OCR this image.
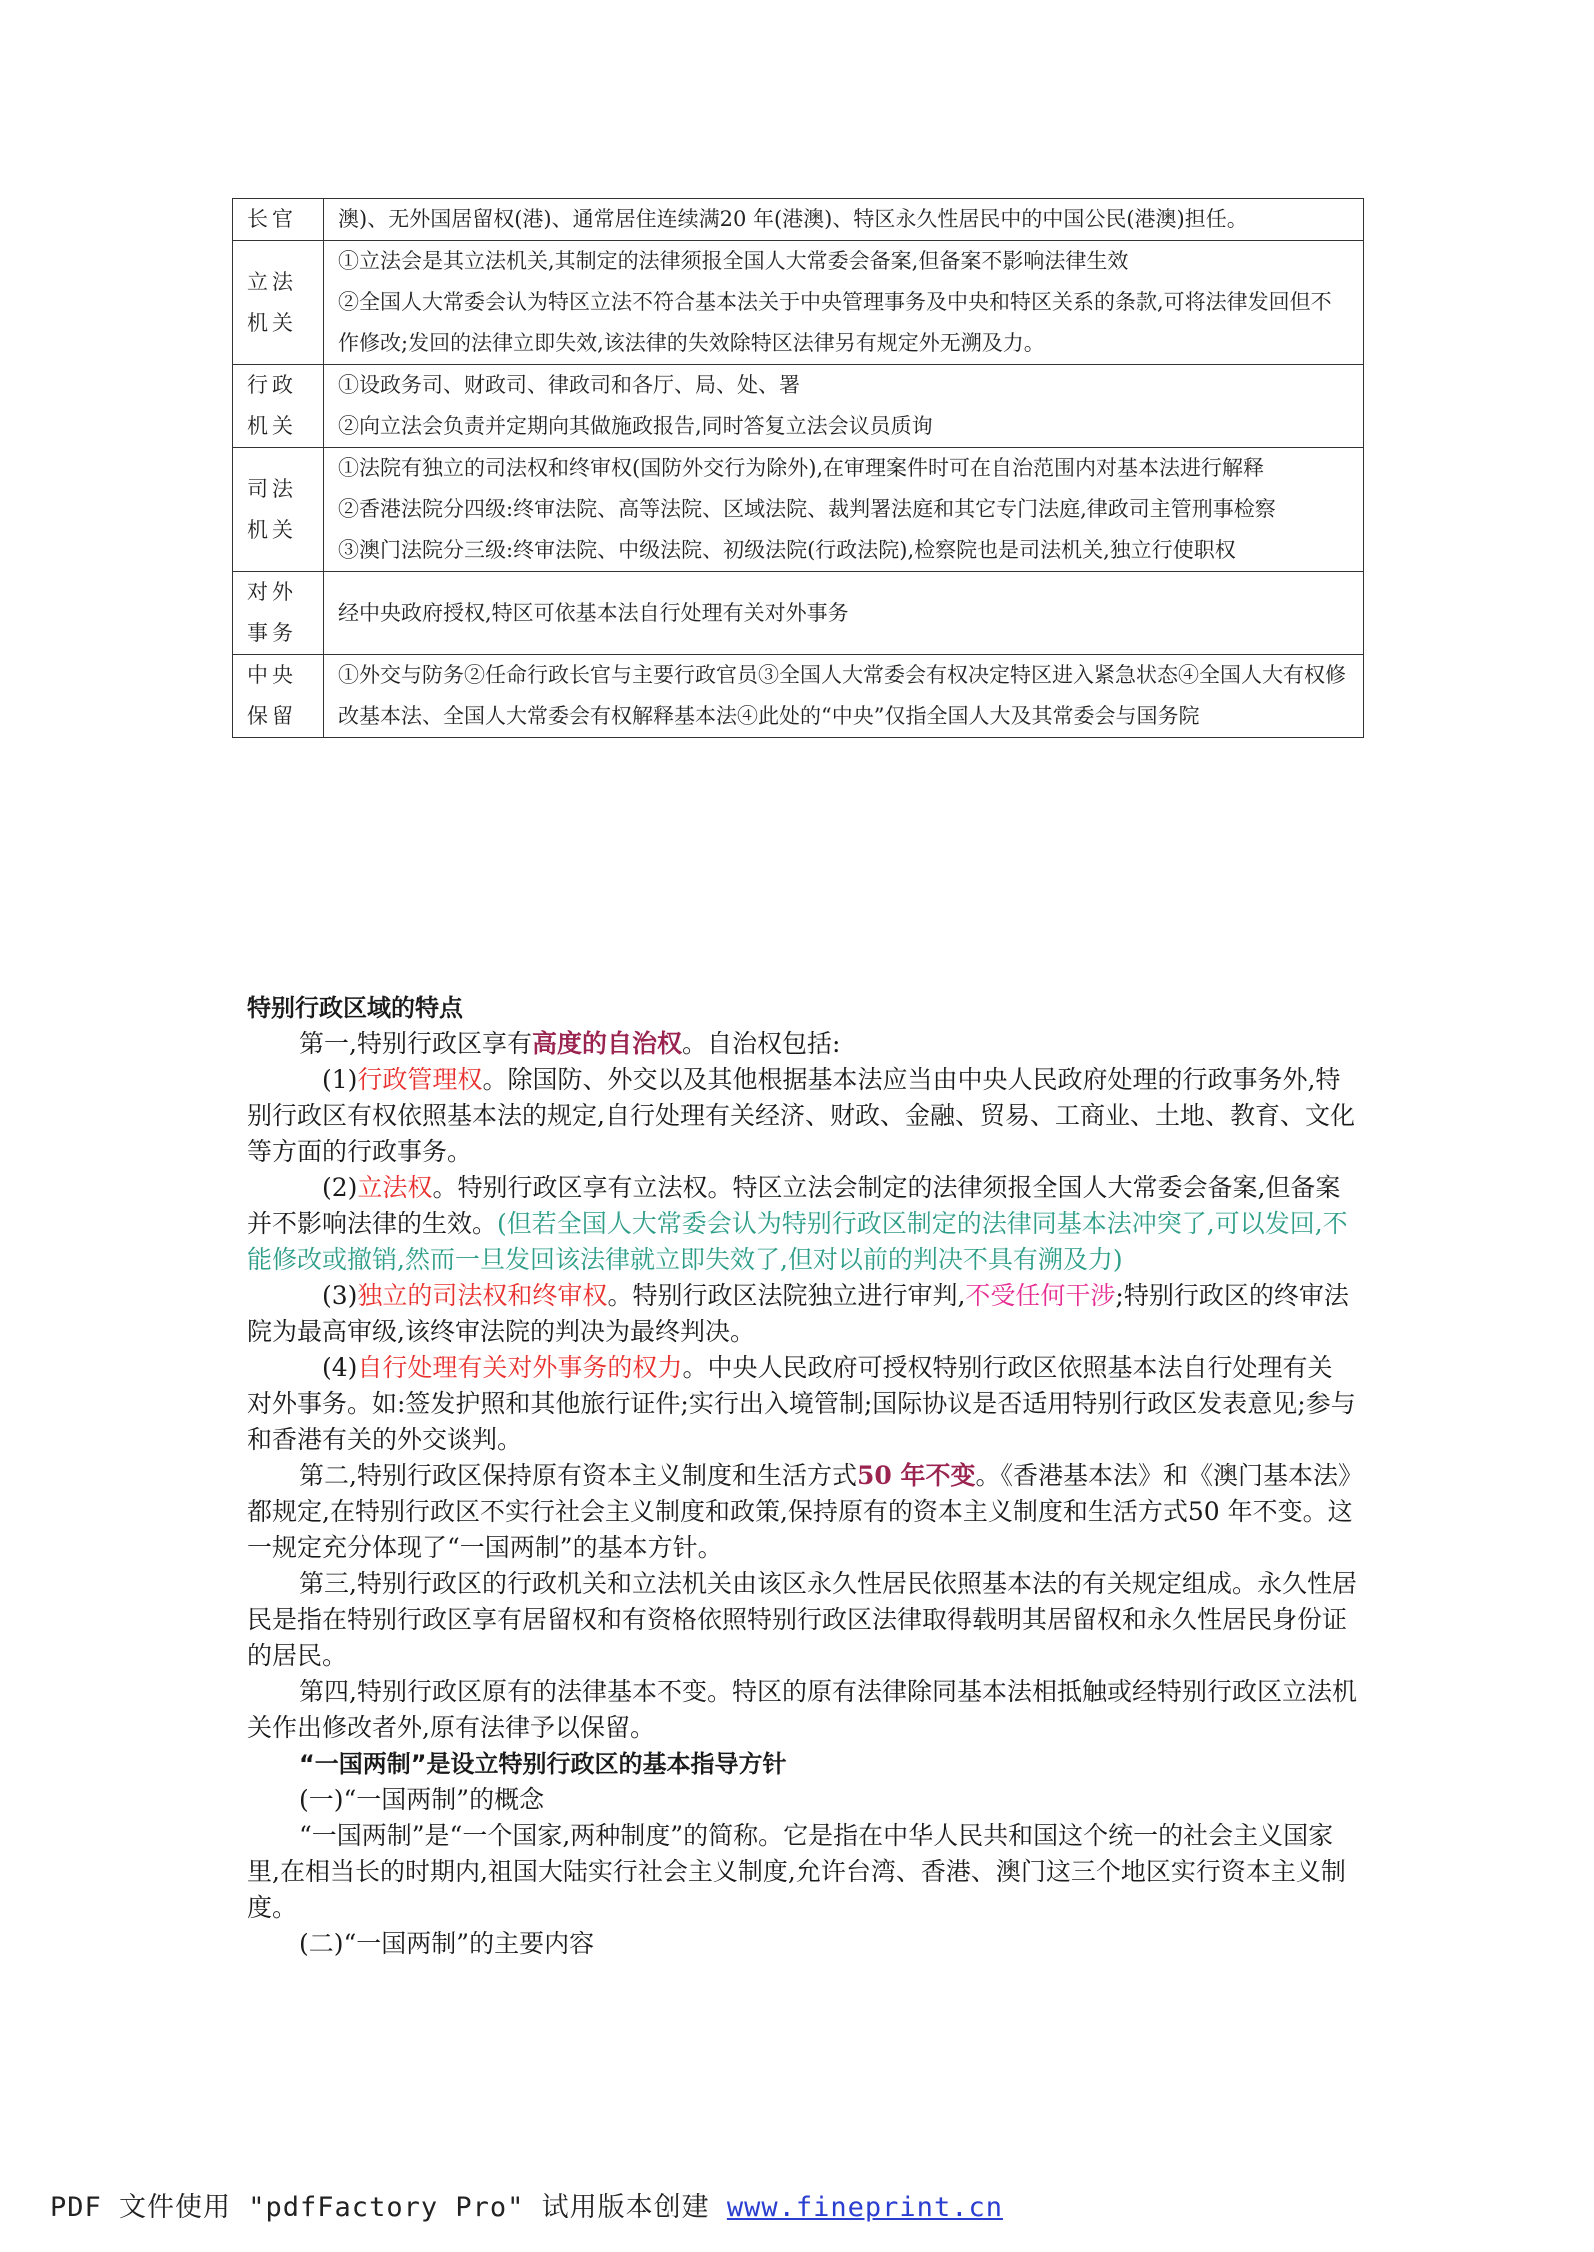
长官	澳)、无外国居留权(港)、通常居住连续满20 年(港澳)、特区永久性居民中的中国公民(港澳)担任。

立法机关	①立法会是其立法机关,其制定的法律须报全国人大常委会备案,但备案不影响法律生效

②全国人大常委会认为特区立法不符合基本法关于中央管理事务及中央和特区关系的条款,可将法律发回但不作修改;发回的法律立即失效,该法律的失效除特区法律另有规定外无溯及力。

行政机关	①设政务司、财政司、律政司和各厅、局、处、署

②向立法会负责并定期向其做施政报告,同时答复立法会议员质询

司法机关	①法院有独立的司法权和终审权(国防外交行为除外),在审理案件时可在自治范围内对基本法进行解释

②香港法院分四级:终审法院、高等法院、区域法院、裁判署法庭和其它专门法庭,律政司主管刑事检察

③澳门法院分三级:终审法院、中级法院、初级法院(行政法院),检察院也是司法机关,独立行使职权

对外事务	经中央政府授权,特区可依基本法自行处理有关对外事务

中央保留	①外交与防务②任命行政长官与主要行政官员③全国人大常委会有权决定特区进入紧急状态④全国人大有权修改基本法、全国人大常委会有权解释基本法④此处的“中央”仅指全国人大及其常委会与国务院

特别行政区域的特点

第一,特别行政区享有高度的自治权。自治权包括:

(1)行政管理权。除国防、外交以及其他根据基本法应当由中央人民政府处理的行政事务外,特别行政区有权依照基本法的规定,自行处理有关经济、财政、金融、贸易、工商业、土地、教育、文化等方面的行政事务。

(2)立法权。特别行政区享有立法权。特区立法会制定的法律须报全国人大常委会备案,但备案并不影响法律的生效。(但若全国人大常委会认为特别行政区制定的法律同基本法冲突了,可以发回,不能修改或撤销,然而一旦发回该法律就立即失效了,但对以前的判决不具有溯及力)

(3)独立的司法权和终审权。特别行政区法院独立进行审判,不受任何干涉;特别行政区的终审法院为最高审级,该终审法院的判决为最终判决。

(4)自行处理有关对外事务的权力。中央人民政府可授权特别行政区依照基本法自行处理有关对外事务。如:签发护照和其他旅行证件;实行出入境管制;国际协议是否适用特别行政区发表意见;参与和香港有关的外交谈判。

第二,特别行政区保持原有资本主义制度和生活方式50 年不变。《香港基本法》和《澳门基本法》都规定,在特别行政区不实行社会主义制度和政策,保持原有的资本主义制度和生活方式50 年不变。这一规定充分体现了“一国两制”的基本方针。

第三,特别行政区的行政机关和立法机关由该区永久性居民依照基本法的有关规定组成。永久性居民是指在特别行政区享有居留权和有资格依照特别行政区法律取得载明其居留权和永久性居民身份证的居民。

第四,特别行政区原有的法律基本不变。特区的原有法律除同基本法相抵触或经特别行政区立法机关作出修改者外,原有法律予以保留。

“一国两制”是设立特别行政区的基本指导方针

(一)“一国两制”的概念

“一国两制”是“一个国家,两种制度”的简称。它是指在中华人民共和国这个统一的社会主义国家里,在相当长的时期内,祖国大陆实行社会主义制度,允许台湾、香港、澳门这三个地区实行资本主义制度。

(二)“一国两制”的主要内容

PDF 文件使用 "pdfFactory Pro" 试用版本创建 www.fineprint.cn
